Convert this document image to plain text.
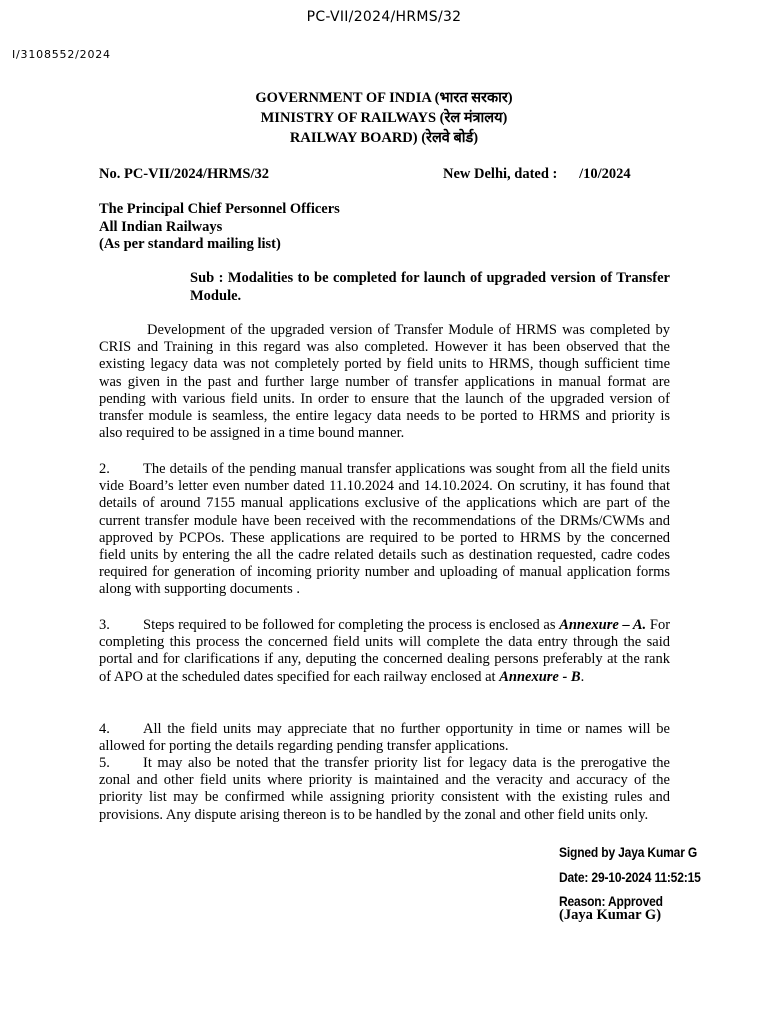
PC-VII/2024/HRMS/32
I/3108552/2024
GOVERNMENT OF INDIA (भारत सरकार)
MINISTRY OF RAILWAYS (रेल मंत्रालय)
RAILWAY BOARD) (रेलवे बोर्ड)
No. PC-VII/2024/HRMS/32	New Delhi, dated :      /10/2024
The Principal Chief Personnel Officers
All Indian Railways
(As per standard mailing list)
Sub : Modalities to be completed for launch of upgraded version of Transfer Module.

Development of the upgraded version of Transfer Module of HRMS was completed by CRIS and Training in this regard was also completed. However it has been observed that the existing legacy data was not completely ported by field units to HRMS, though sufficient time was given in the past and further large number of transfer applications in manual format are pending with various field units. In order to ensure that the launch of the upgraded version of transfer module is seamless, the entire legacy data needs to be ported to HRMS and priority is also required to be assigned in a time bound manner.

2. The details of the pending manual transfer applications was sought from all the field units vide Board’s letter even number dated 11.10.2024 and 14.10.2024. On scrutiny, it has found that details of around 7155 manual applications exclusive of the applications which are part of the current transfer module have been received with the recommendations of the DRMs/CWMs and approved by PCPOs. These applications are required to be ported to HRMS by the concerned field units by entering the all the cadre related details such as destination requested, cadre codes required for generation of incoming priority number and uploading of manual application forms along with supporting documents .

3. Steps required to be followed for completing the process is enclosed as Annexure – A. For completing this process the concerned field units will complete the data entry through the said portal and for clarifications if any, deputing the concerned dealing persons preferably at the rank of APO at the scheduled dates specified for each railway enclosed at Annexure - B.

4. All the field units may appreciate that no further opportunity in time or names will be allowed for porting the details regarding pending transfer applications.

5. It may also be noted that the transfer priority list for legacy data is the prerogative the zonal and other field units where priority is maintained and the veracity and accuracy of the priority list may be confirmed while assigning priority consistent with the existing rules and provisions. Any dispute arising thereon is to be handled by the zonal and other field units only.

Signed by Jaya Kumar G
Date: 29-10-2024 11:52:15
Reason: Approved
(Jaya Kumar G)
